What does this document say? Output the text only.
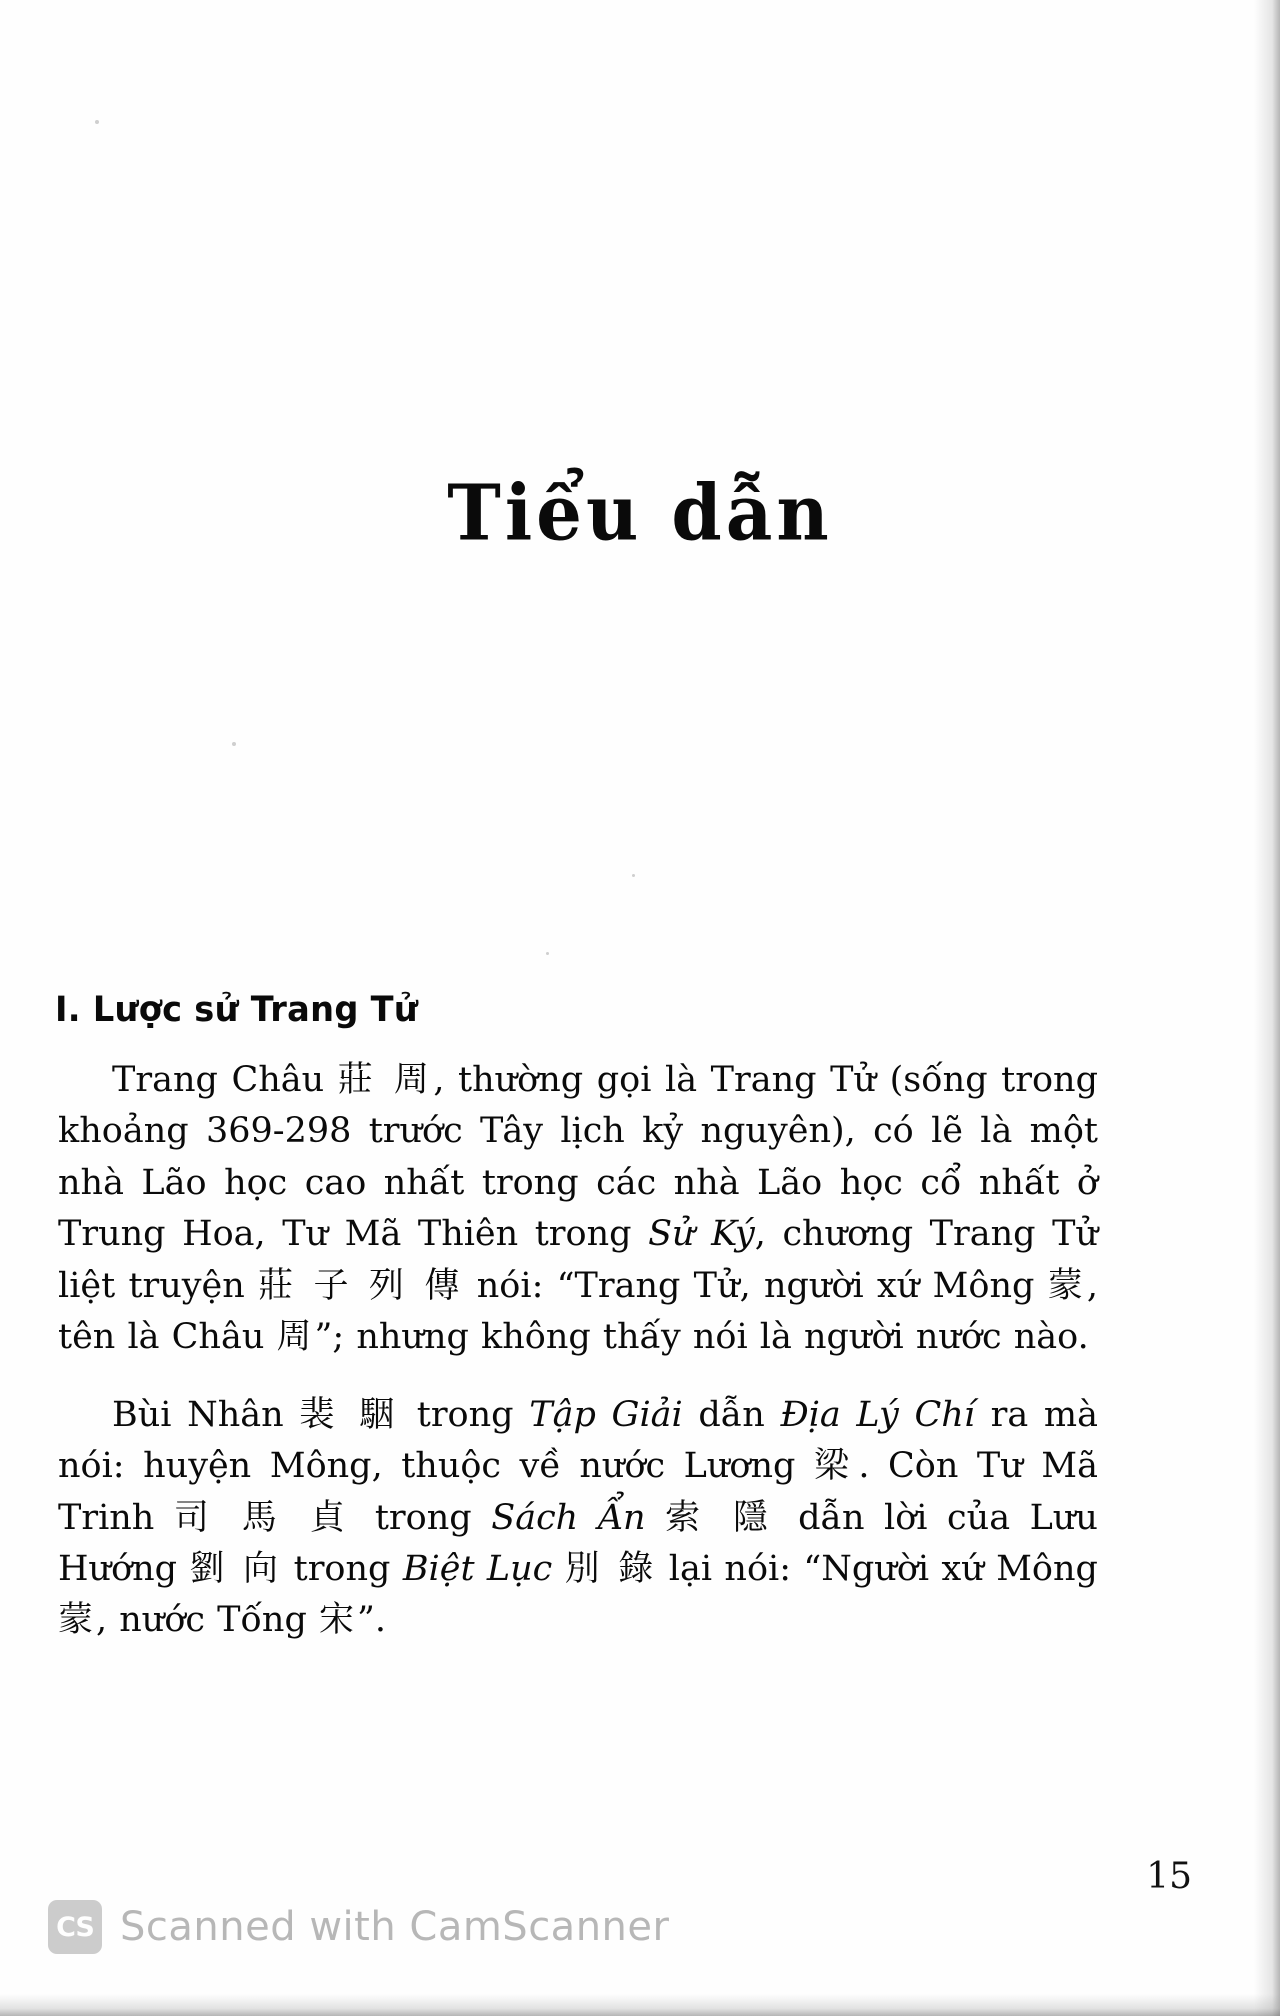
Tiểu dẫn
I. Lược sử Trang Tử

Trang Châu 莊 周, thường gọi là Trang Tử (sống trong khoảng 369-298 trước Tây lịch kỷ nguyên), có lẽ là một nhà Lão học cao nhất trong các nhà Lão học cổ nhất ở Trung Hoa, Tư Mã Thiên trong Sử Ký, chương Trang Tử liệt truyện 莊 子 列 傳 nói: “Trang Tử, người xứ Mông 蒙, tên là Châu 周”; nhưng không thấy nói là người nước nào.

Bùi Nhân 裴 駰 trong Tập Giải dẫn Địa Lý Chí ra mà nói: huyện Mông, thuộc về nước Lương 梁. Còn Tư Mã Trinh 司 馬 貞 trong Sách Ẩn 索 隱 dẫn lời của Lưu Hướng 劉 向 trong Biệt Lục 別 錄 lại nói: “Người xứ Mông 蒙, nước Tống 宋”.

15
CS Scanned with CamScanner
